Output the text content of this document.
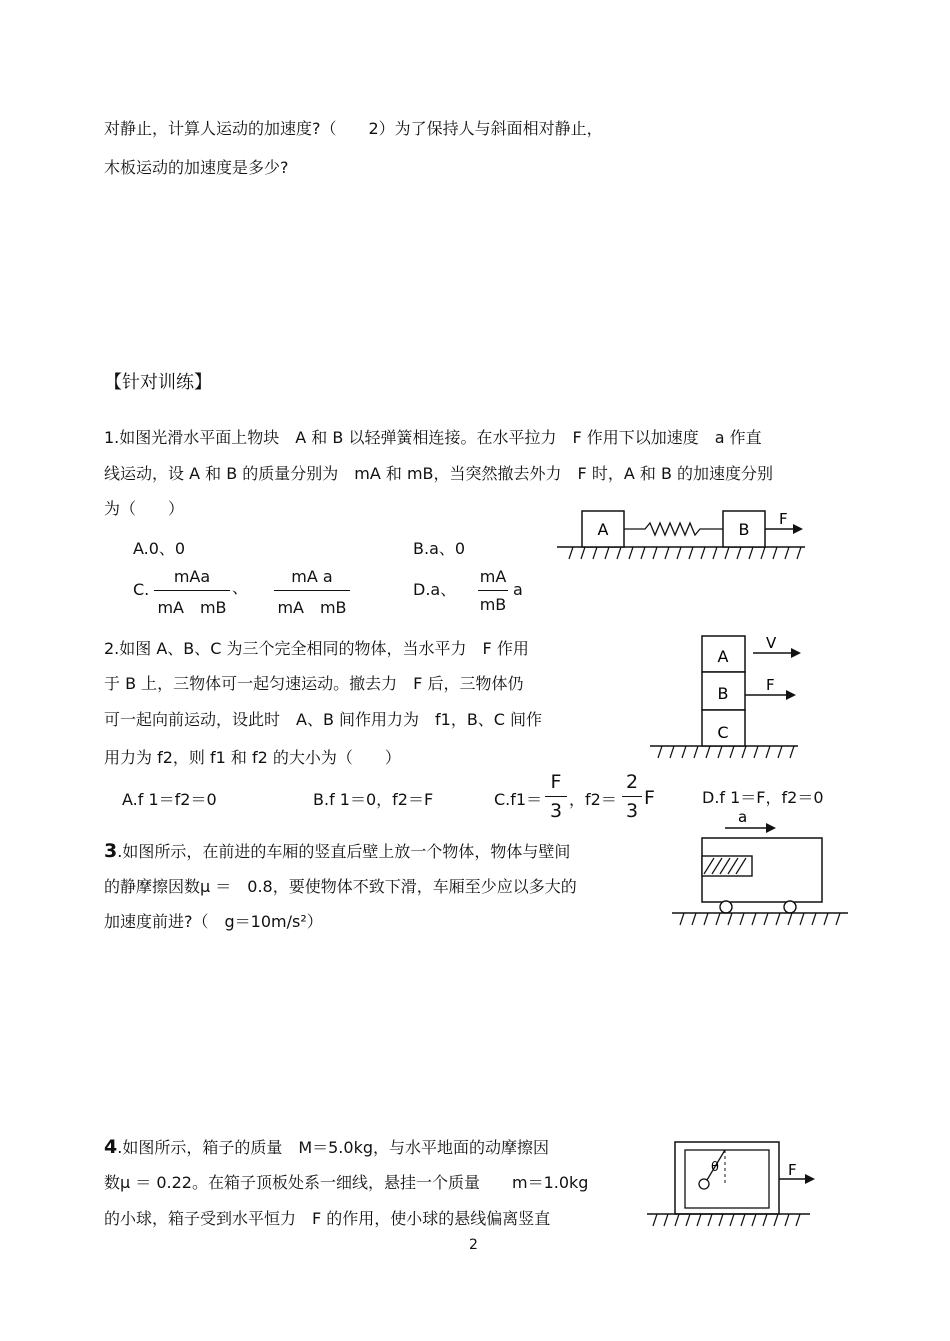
对静止，计算人运动的加速度?（　　2）为了保持人与斜面相对静止，
木板运动的加速度是多少?
【针对训练】
1.如图光滑水平面上物块　A 和 B 以轻弹簧相连接。在水平拉力　F 作用下以加速度　a 作直
线运动，设 A 和 B 的质量分别为　mA 和 mB，当突然撤去外力　F 时，A 和 B 的加速度分别
为（　　）
A.0、0	B.a、0
C.
mAa
mA　mB
、
mA a
mA　mB
D.a、
mA
mB
a
A	B
F
2.如图 A、B、C 为三个完全相同的物体，当水平力　F 作用
于 B 上，三物体可一起匀速运动。撤去力　F 后，三物体仍
可一起向前运动，设此时　A、B 间作用力为　f1，B、C 间作
用力为 f2，则 f1 和 f2 的大小为（　　）
A.f 1＝f2＝0	B.f 1＝0，f2＝F	C.f1＝
F
3
，f2＝
2
3
F	D.f 1＝F，f2＝0
A
B
C
V
F
3.如图所示，在前进的车厢的竖直后壁上放一个物体，物体与壁间
的静摩擦因数μ ＝　0.8，要使物体不致下滑，车厢至少应以多大的
加速度前进?（　g＝10m/s²）
a
4.如图所示，箱子的质量　M＝5.0kg，与水平地面的动摩擦因
数μ ＝ 0.22。在箱子顶板处系一细线，悬挂一个质量　　m＝1.0kg
的小球，箱子受到水平恒力　F 的作用，使小球的悬线偏离竖直
θ	F
2
